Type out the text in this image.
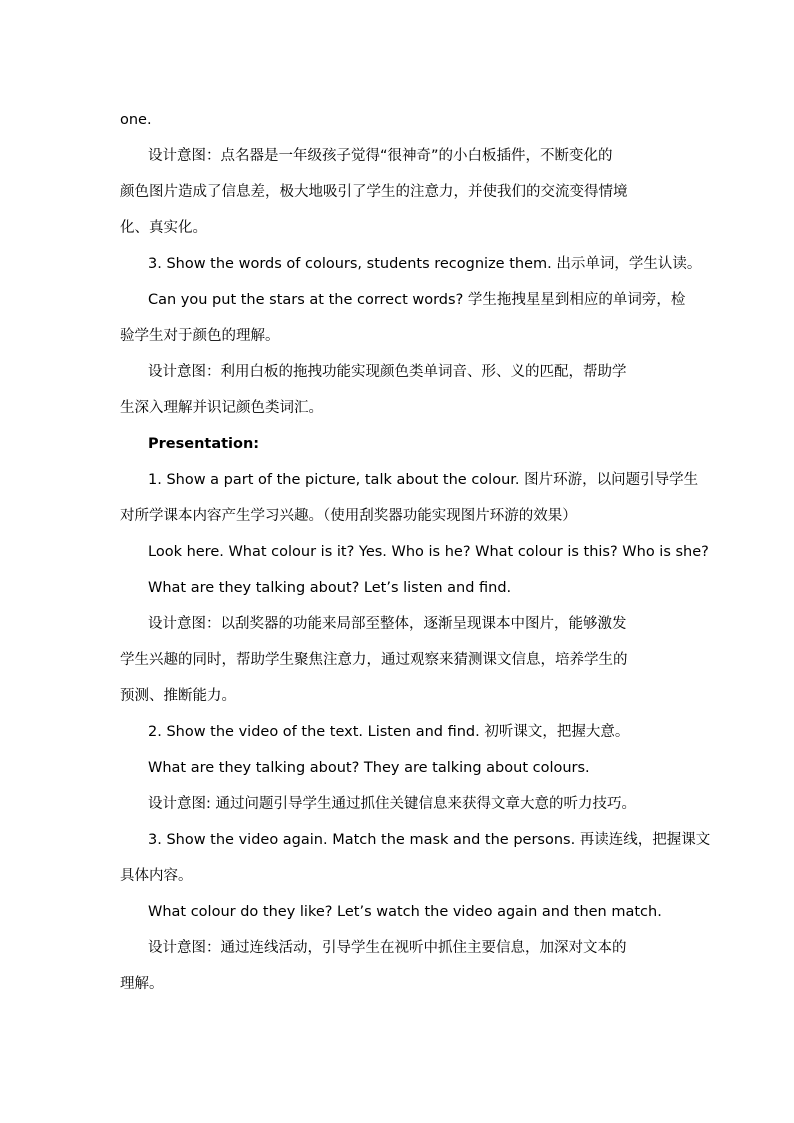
one.
设计意图：点名器是一年级孩子觉得“很神奇”的小白板插件，不断变化的
颜色图片造成了信息差，极大地吸引了学生的注意力，并使我们的交流变得情境
化、真实化。
3. Show the words of colours, students recognize them. 出示单词，学生认读。
Can you put the stars at the correct words? 学生拖拽星星到相应的单词旁，检
验学生对于颜色的理解。
设计意图：利用白板的拖拽功能实现颜色类单词音、形、义的匹配，帮助学
生深入理解并识记颜色类词汇。
Presentation:
1. Show a part of the picture, talk about the colour. 图片环游，以问题引导学生
对所学课本内容产生学习兴趣。（使用刮奖器功能实现图片环游的效果）
Look here. What colour is it? Yes. Who is he? What colour is this? Who is she?
What are they talking about? Let’s listen and find.
设计意图：以刮奖器的功能来局部至整体，逐渐呈现课本中图片，能够激发
学生兴趣的同时，帮助学生聚焦注意力，通过观察来猜测课文信息，培养学生的
预测、推断能力。
2. Show the video of the text. Listen and find. 初听课文，把握大意。
What are they talking about? They are talking about colours.
设计意图: 通过问题引导学生通过抓住关键信息来获得文章大意的听力技巧。
3. Show the video again. Match the mask and the persons. 再读连线，把握课文
具体内容。
What colour do they like? Let’s watch the video again and then match.
设计意图：通过连线活动，引导学生在视听中抓住主要信息，加深对文本的
理解。
